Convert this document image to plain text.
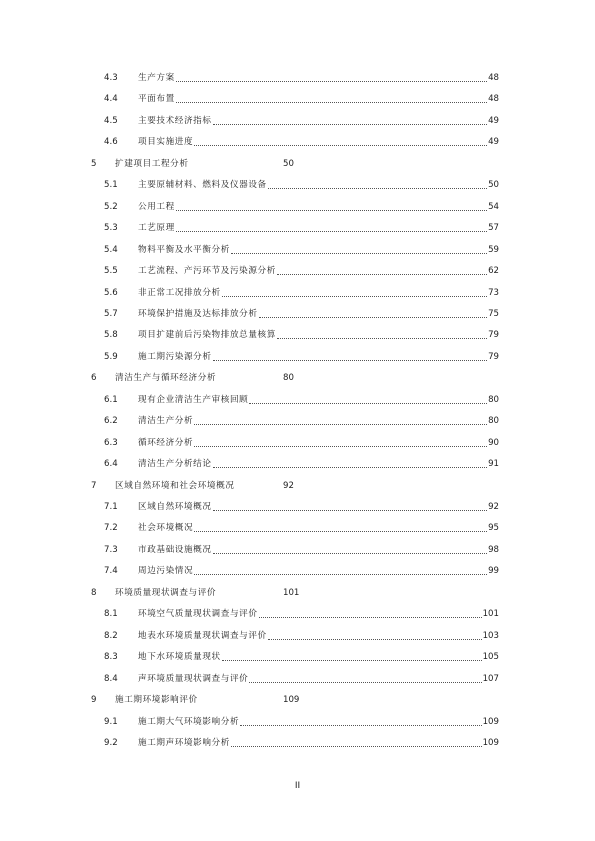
4.3 生产方案	48
4.4 平面布置	48
4.5 主要技术经济指标	49
4.6 项目实施进度	49
5 扩建项目工程分析	50
5.1 主要原辅材料、燃料及仪器设备	50
5.2 公用工程	54
5.3 工艺原理	57
5.4 物料平衡及水平衡分析	59
5.5 工艺流程、产污环节及污染源分析	62
5.6 非正常工况排放分析	73
5.7 环境保护措施及达标排放分析	75
5.8 项目扩建前后污染物排放总量核算	79
5.9 施工期污染源分析	79
6 清洁生产与循环经济分析	80
6.1 现有企业清洁生产审核回顾	80
6.2 清洁生产分析	80
6.3 循环经济分析	90
6.4 清洁生产分析结论	91
7 区域自然环境和社会环境概况	92
7.1 区域自然环境概况	92
7.2 社会环境概况	95
7.3 市政基础设施概况	98
7.4 周边污染情况	99
8 环境质量现状调查与评价	101
8.1 环境空气质量现状调查与评价	101
8.2 地表水环境质量现状调查与评价	103
8.3 地下水环境质量现状	105
8.4 声环境质量现状调查与评价	107
9 施工期环境影响评价	109
9.1 施工期大气环境影响分析	109
9.2 施工期声环境影响分析	109
II
